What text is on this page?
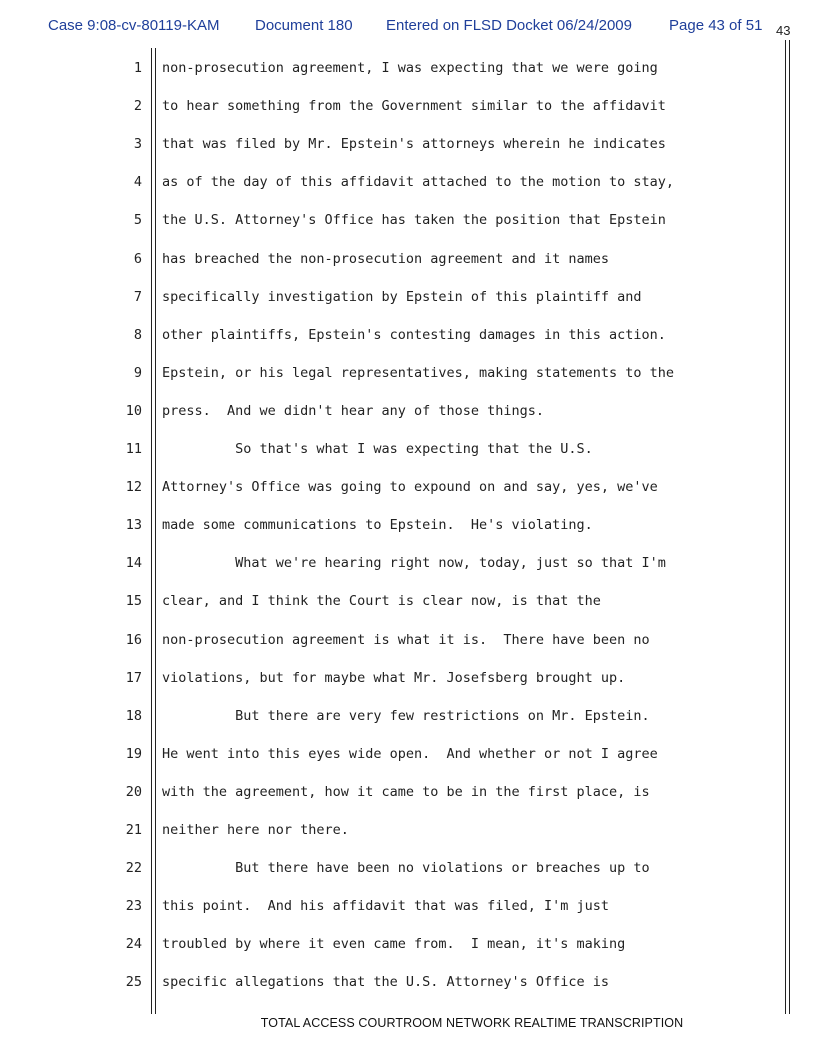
Case 9:08-cv-80119-KAM Document 180 Entered on FLSD Docket 06/24/2009 Page 43 of 51 43
1 non-prosecution agreement, I was expecting that we were going
2 to hear something from the Government similar to the affidavit
3 that was filed by Mr. Epstein's attorneys wherein he indicates
4 as of the day of this affidavit attached to the motion to stay,
5 the U.S. Attorney's Office has taken the position that Epstein
6 has breached the non-prosecution agreement and it names
7 specifically investigation by Epstein of this plaintiff and
8 other plaintiffs, Epstein's contesting damages in this action.
9 Epstein, or his legal representatives, making statements to the
10 press.  And we didn't hear any of those things.
11 So that's what I was expecting that the U.S.
12 Attorney's Office was going to expound on and say, yes, we've
13 made some communications to Epstein.  He's violating.
14 What we're hearing right now, today, just so that I'm
15 clear, and I think the Court is clear now, is that the
16 non-prosecution agreement is what it is.  There have been no
17 violations, but for maybe what Mr. Josefsberg brought up.
18 But there are very few restrictions on Mr. Epstein.
19 He went into this eyes wide open.  And whether or not I agree
20 with the agreement, how it came to be in the first place, is
21 neither here nor there.
22 But there have been no violations or breaches up to
23 this point.  And his affidavit that was filed, I'm just
24 troubled by where it even came from.  I mean, it's making
25 specific allegations that the U.S. Attorney's Office is
TOTAL ACCESS COURTROOM NETWORK REALTIME TRANSCRIPTION
